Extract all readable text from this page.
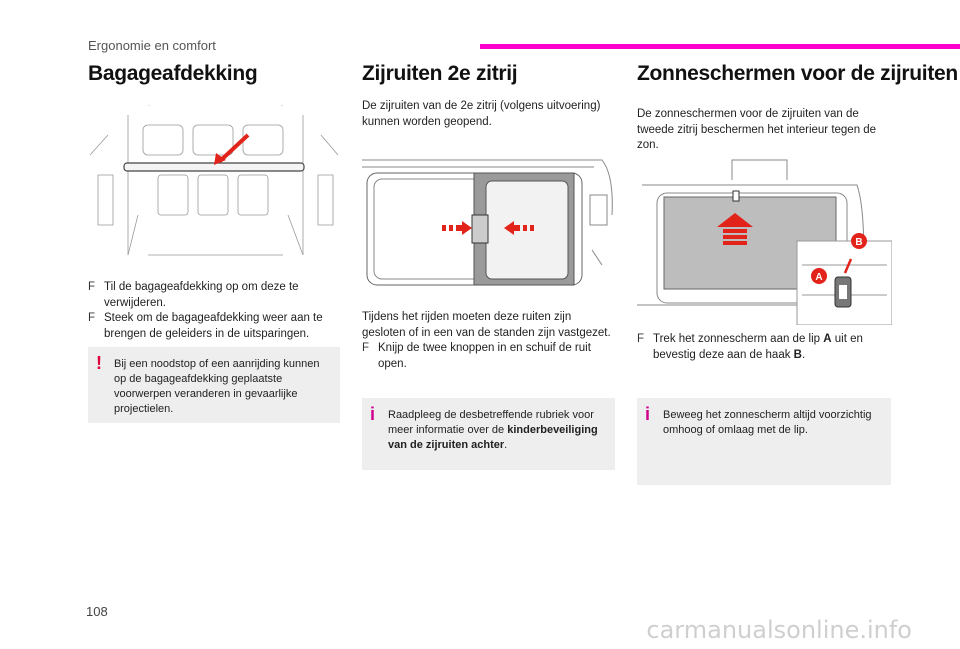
Ergonomie en comfort
Bagageafdekking
F Til de bagageafdekking op om deze te verwijderen.
F Steek om de bagageafdekking weer aan te brengen de geleiders in de uitsparingen.
! Bij een noodstop of een aanrijding kunnen op de bagageafdekking geplaatste voorwerpen veranderen in gevaarlijke projectielen.
Zijruiten 2e zitrij

De zijruiten van de 2e zitrij (volgens uitvoering) kunnen worden geopend.

Tijdens het rijden moeten deze ruiten zijn gesloten of in een van de standen zijn vastgezet.

F Knijp de twee knoppen in en schuif de ruit open.
i Raadpleeg de desbetreffende rubriek voor meer informatie over de kinderbeveiliging van de zijruiten achter.
Zonneschermen voor de zijruiten

De zonneschermen voor de zijruiten van de tweede zitrij beschermen het interieur tegen de zon.

B
A
F Trek het zonnescherm aan de lip A uit en bevestig deze aan de haak B.
i Beweeg het zonnescherm altijd voorzichtig omhoog of omlaag met de lip.
108
carmanualsonline.info
